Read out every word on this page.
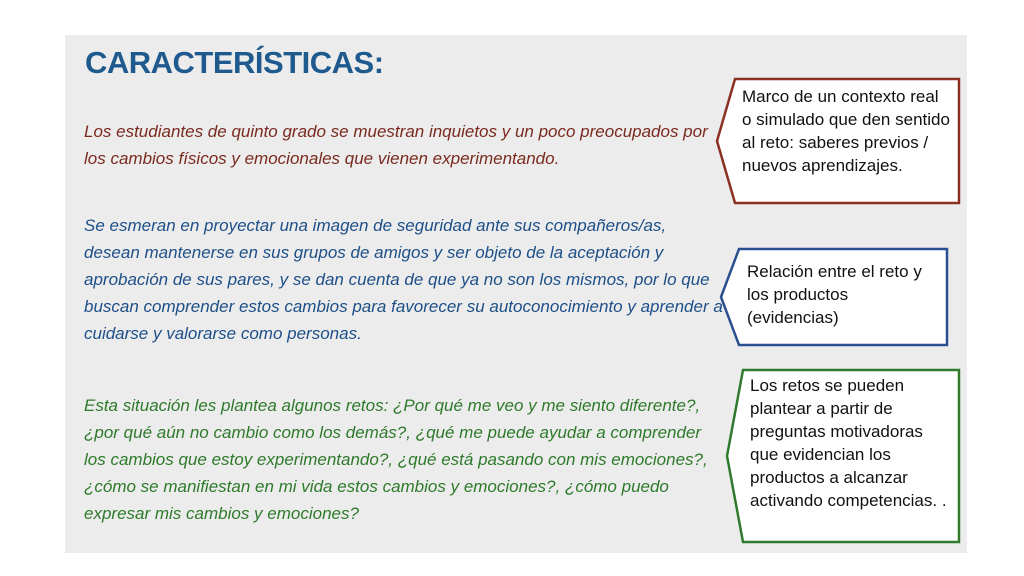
CARACTERÍSTICAS:

Los estudiantes de quinto grado se muestran inquietos y un poco preocupados por los cambios físicos y emocionales que vienen experimentando.

Se esmeran en proyectar una imagen de seguridad ante sus compañeros/as, desean mantenerse en sus grupos de amigos y ser objeto de la aceptación y aprobación de sus pares, y se dan cuenta de que ya no son los mismos, por lo que buscan comprender estos cambios para favorecer su autoconocimiento y aprender a cuidarse y valorarse como personas.

Esta situación les plantea algunos retos: ¿Por qué me veo y me siento diferente?, ¿por qué aún no cambio como los demás?, ¿qué me puede ayudar a comprender los cambios que estoy experimentando?, ¿qué está pasando con mis emociones?, ¿cómo se manifiestan en mi vida estos cambios y emociones?, ¿cómo puedo expresar mis cambios y emociones?

Marco de un contexto real o simulado que den sentido al reto: saberes previos / nuevos aprendizajes.
Relación entre el reto y los productos (evidencias)
Los retos se pueden plantear a partir de preguntas motivadoras que evidencian los productos a alcanzar activando competencias. .
